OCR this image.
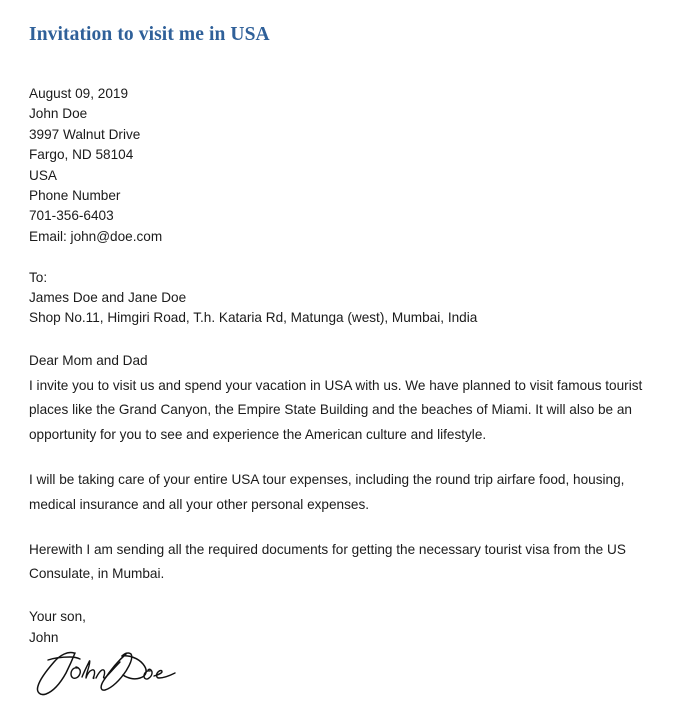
Invitation to visit me in USA
August 09, 2019
John Doe
3997 Walnut Drive
Fargo, ND 58104
USA
Phone Number
701-356-6403
Email: john@doe.com
To:
James Doe and Jane Doe
Shop No.11, Himgiri Road, T.h. Kataria Rd, Matunga (west), Mumbai, India
Dear Mom and Dad
I invite you to visit us and spend your vacation in USA with us. We have planned to visit famous tourist places like the Grand Canyon, the Empire State Building and the beaches of Miami. It will also be an opportunity for you to see and experience the American culture and lifestyle.
I will be taking care of your entire USA tour expenses, including the round trip airfare food, housing, medical insurance and all your other personal expenses.
Herewith I am sending all the required documents for getting the necessary tourist visa from the US Consulate, in Mumbai.
Your son,
John
